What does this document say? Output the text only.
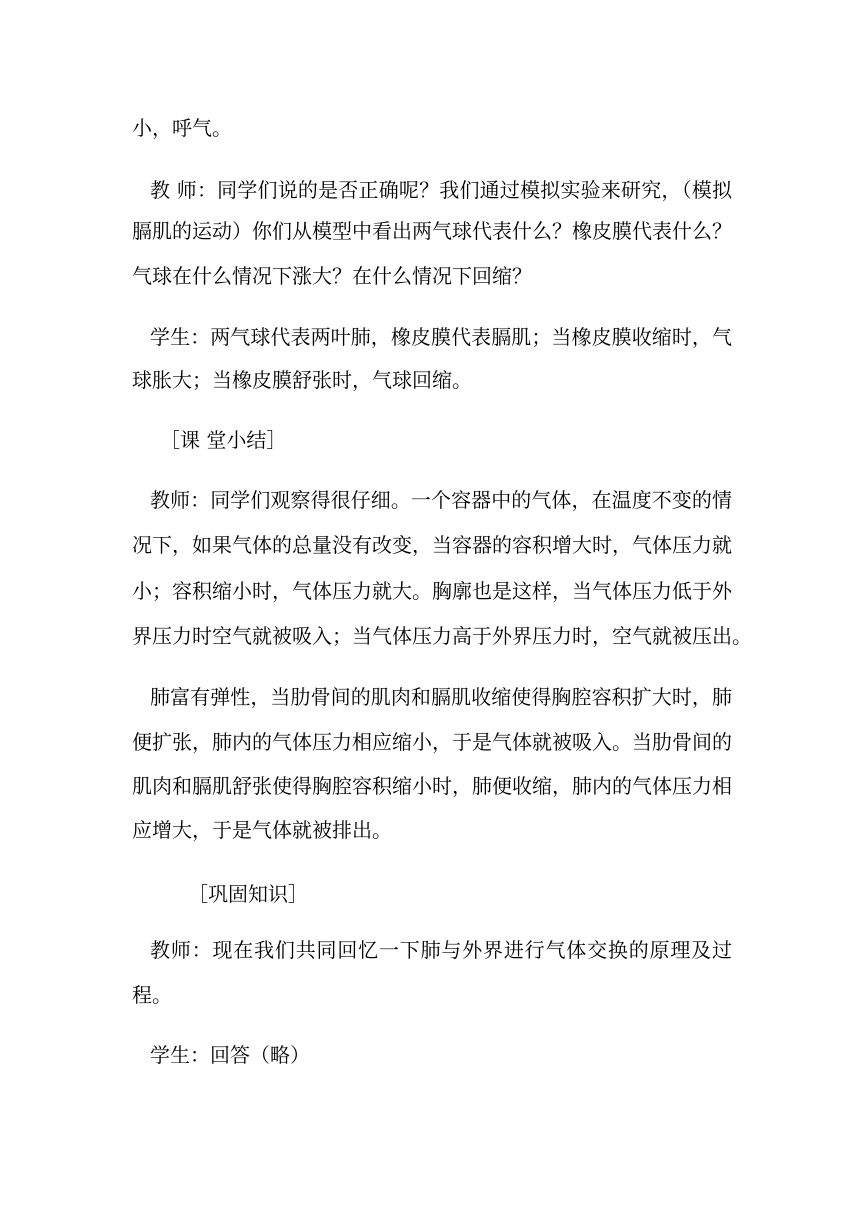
小，呼气。
教 师：同学们说的是否正确呢？我们通过模拟实验来研究，（模拟
膈肌的运动）你们从模型中看出两气球代表什么？橡皮膜代表什么？
气球在什么情况下涨大？在什么情况下回缩？
学生：两气球代表两叶肺，橡皮膜代表膈肌；当橡皮膜收缩时，气
球胀大；当橡皮膜舒张时，气球回缩。
［课 堂小结］
教师：同学们观察得很仔细。一个容器中的气体，在温度不变的情
况下，如果气体的总量没有改变，当容器的容积增大时，气体压力就
小；容积缩小时，气体压力就大。胸廓也是这样，当气体压力低于外
界压力时空气就被吸入；当气体压力高于外界压力时，空气就被压出。
肺富有弹性，当肋骨间的肌肉和膈肌收缩使得胸腔容积扩大时，肺
便扩张，肺内的气体压力相应缩小，于是气体就被吸入。当肋骨间的
肌肉和膈肌舒张使得胸腔容积缩小时，肺便收缩，肺内的气体压力相
应增大，于是气体就被排出。
［巩固知识］
教师：现在我们共同回忆一下肺与外界进行气体交换的原理及过
程。
学生：回答（略）
